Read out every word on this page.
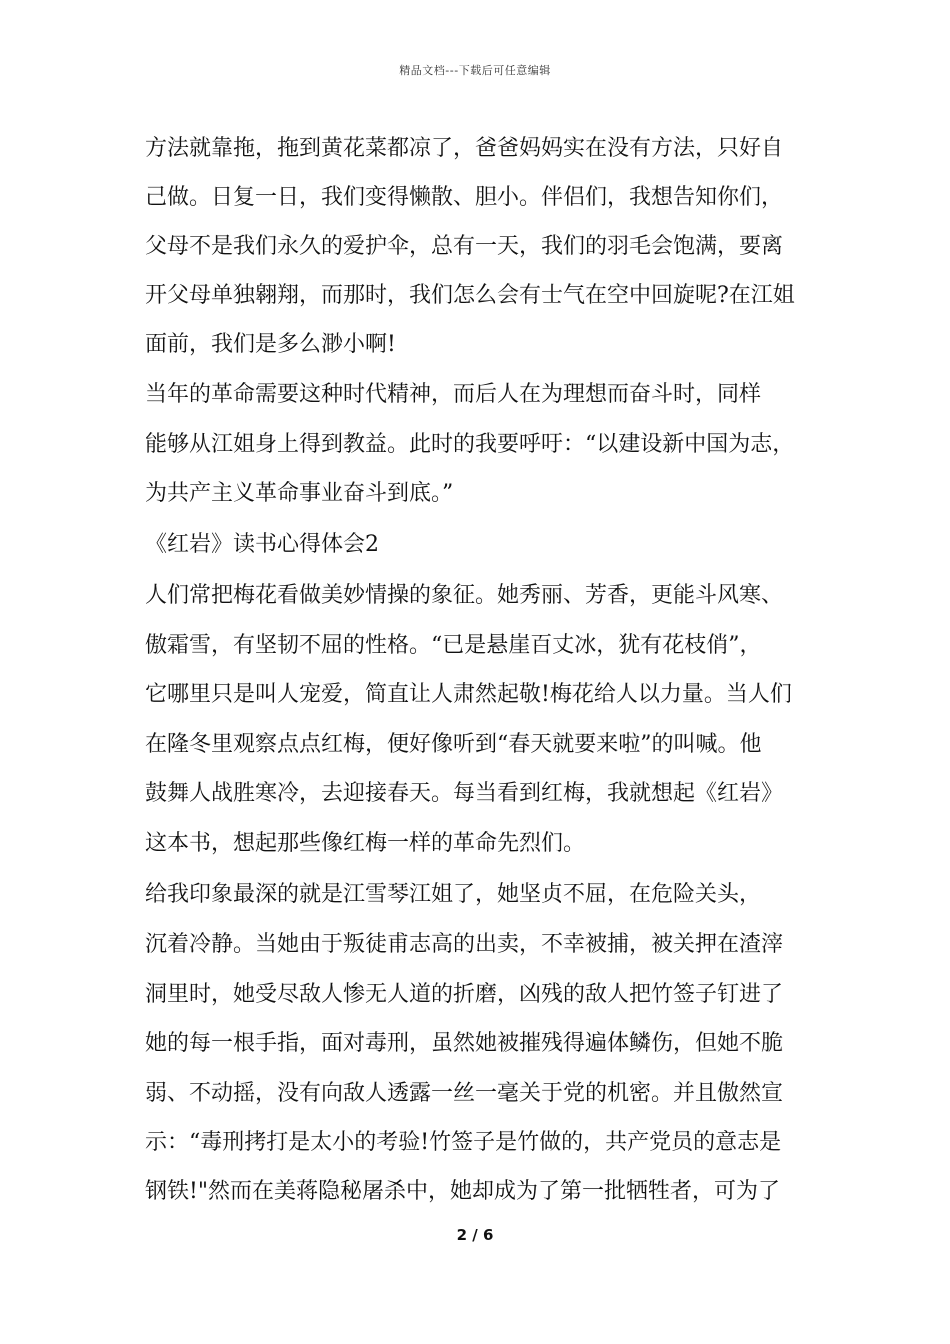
精品文档---下载后可任意编辑
方法就靠拖，拖到黄花菜都凉了，爸爸妈妈实在没有方法，只好自
己做。日复一日，我们变得懒散、胆小。伴侣们，我想告知你们，
父母不是我们永久的爱护伞，总有一天，我们的羽毛会饱满，要离
开父母单独翱翔，而那时，我们怎么会有士气在空中回旋呢?在江姐
面前，我们是多么渺小啊!
当年的革命需要这种时代精神，而后人在为理想而奋斗时，同样
能够从江姐身上得到教益。此时的我要呼吁：“以建设新中国为志，
为共产主义革命事业奋斗到底。”
《红岩》读书心得体会2
人们常把梅花看做美妙情操的象征。她秀丽、芳香，更能斗风寒、
傲霜雪，有坚韧不屈的性格。“已是悬崖百丈冰，犹有花枝俏”，
它哪里只是叫人宠爱，简直让人肃然起敬!梅花给人以力量。当人们
在隆冬里观察点点红梅，便好像听到“春天就要来啦”的叫喊。他
鼓舞人战胜寒冷，去迎接春天。每当看到红梅，我就想起《红岩》
这本书，想起那些像红梅一样的革命先烈们。
给我印象最深的就是江雪琴江姐了，她坚贞不屈，在危险关头，
沉着冷静。当她由于叛徒甫志高的出卖，不幸被捕，被关押在渣滓
洞里时，她受尽敌人惨无人道的折磨，凶残的敌人把竹签子钉进了
她的每一根手指，面对毒刑，虽然她被摧残得遍体鳞伤，但她不脆
弱、不动摇，没有向敌人透露一丝一毫关于党的机密。并且傲然宣
示：“毒刑拷打是太小的考验!竹签子是竹做的，共产党员的意志是
钢铁!"然而在美蒋隐秘屠杀中，她却成为了第一批牺牲者，可为了
2 / 6
